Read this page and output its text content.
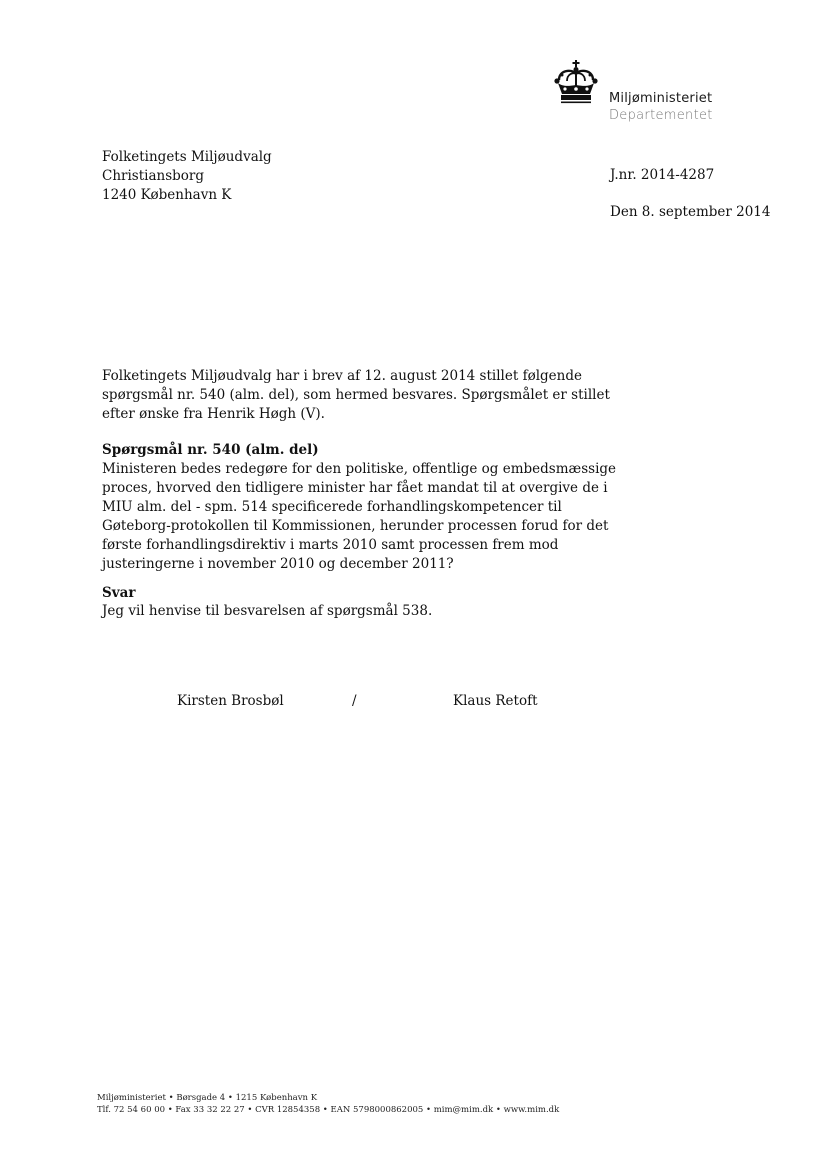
Miljøministeriet
Departementet
Folketingets Miljøudvalg
Christiansborg
1240 København K
J.nr. 2014-4287
Den 8. september 2014
Folketingets Miljøudvalg har i brev af 12. august 2014 stillet følgende spørgsmål nr. 540 (alm. del), som hermed besvares. Spørgsmålet er stillet efter ønske fra Henrik Høgh (V).
Spørgsmål nr. 540 (alm. del)
Ministeren bedes redegøre for den politiske, offentlige og embedsmæssige proces, hvorved den tidligere minister har fået mandat til at overgive de i MIU alm. del - spm. 514 specificerede forhandlingskompetencer til Gøteborg-protokollen til Kommissionen, herunder processen forud for det første forhandlingsdirektiv i marts 2010 samt processen frem mod justeringerne i november 2010 og december 2011?
Svar
Jeg vil henvise til besvarelsen af spørgsmål 538.
Kirsten Brosbøl	/	Klaus Retoft
Miljøministeriet • Børsgade 4 • 1215 København K
Tlf. 72 54 60 00 • Fax 33 32 22 27 • CVR 12854358 • EAN 5798000862005 • mim@mim.dk • www.mim.dk
